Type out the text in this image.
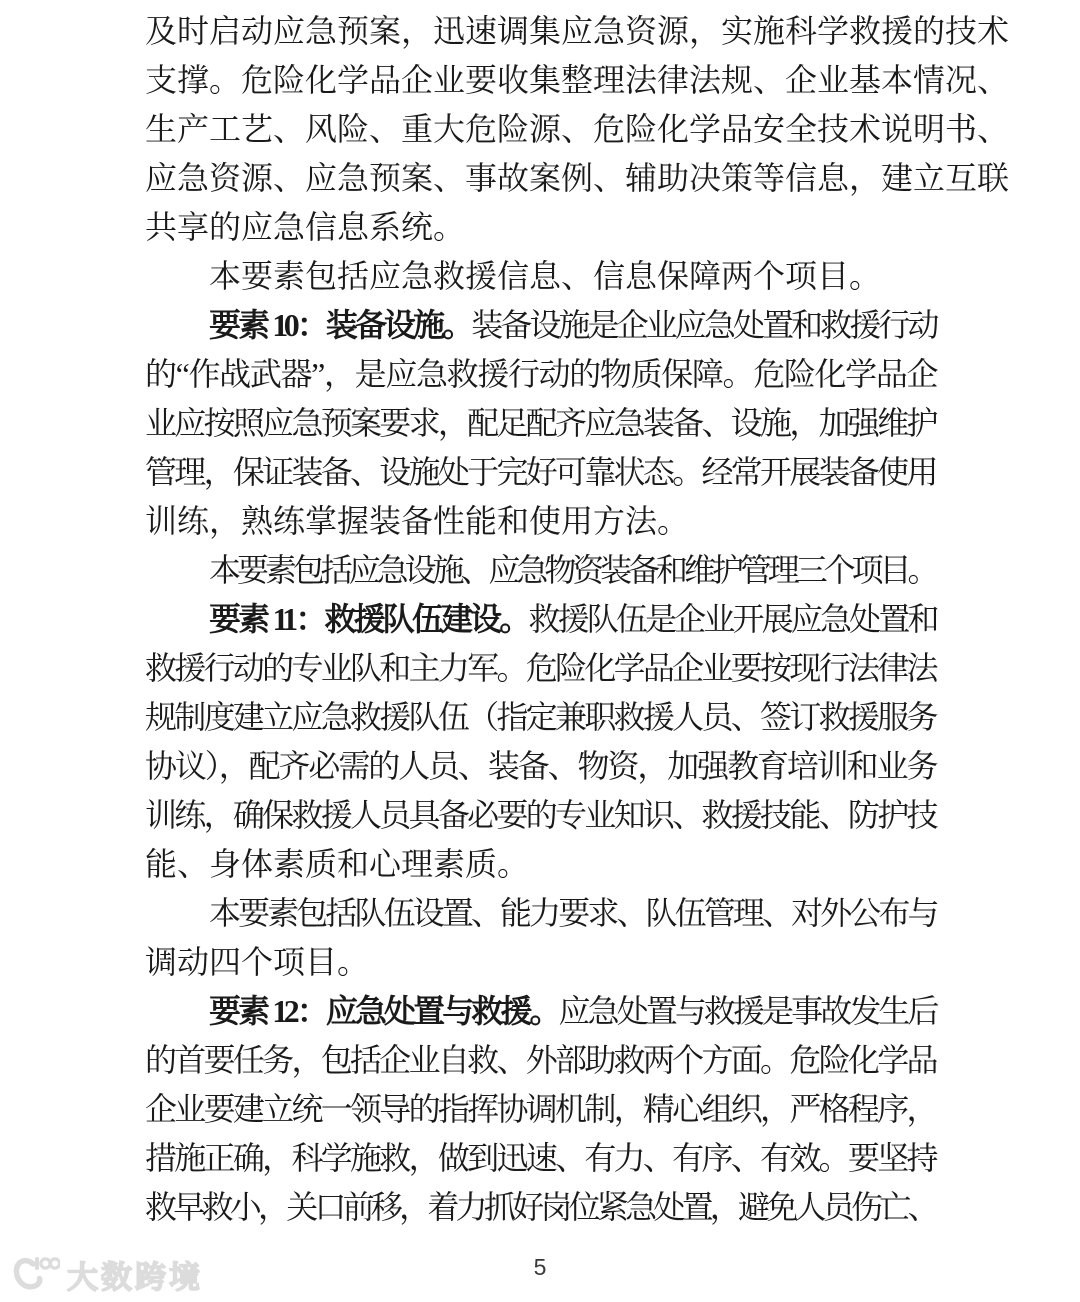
及时启动应急预案，迅速调集应急资源，实施科学救援的技术
支撑。危险化学品企业要收集整理法律法规、企业基本情况、
生产工艺、风险、重大危险源、危险化学品安全技术说明书、
应急资源、应急预案、事故案例、辅助决策等信息，建立互联
共享的应急信息系统。
本要素包括应急救援信息、信息保障两个项目。
要素 10：装备设施。装备设施是企业应急处置和救援行动
的“作战武器”，是应急救援行动的物质保障。危险化学品企
业应按照应急预案要求，配足配齐应急装备、设施，加强维护
管理，保证装备、设施处于完好可靠状态。经常开展装备使用
训练，熟练掌握装备性能和使用方法。
本要素包括应急设施、应急物资装备和维护管理三个项目。
要素 11：救援队伍建设。救援队伍是企业开展应急处置和
救援行动的专业队和主力军。危险化学品企业要按现行法律法
规制度建立应急救援队伍（指定兼职救援人员、签订救援服务
协议），配齐必需的人员、装备、物资，加强教育培训和业务
训练，确保救援人员具备必要的专业知识、救援技能、防护技
能、身体素质和心理素质。
本要素包括队伍设置、能力要求、队伍管理、对外公布与
调动四个项目。
要素 12：应急处置与救援。应急处置与救援是事故发生后
的首要任务，包括企业自救、外部助救两个方面。危险化学品
企业要建立统一领导的指挥协调机制，精心组织，严格程序，
措施正确，科学施救，做到迅速、有力、有序、有效。要坚持
救早救小，关口前移，着力抓好岗位紧急处置，避免人员伤亡、
大数跨境	5
